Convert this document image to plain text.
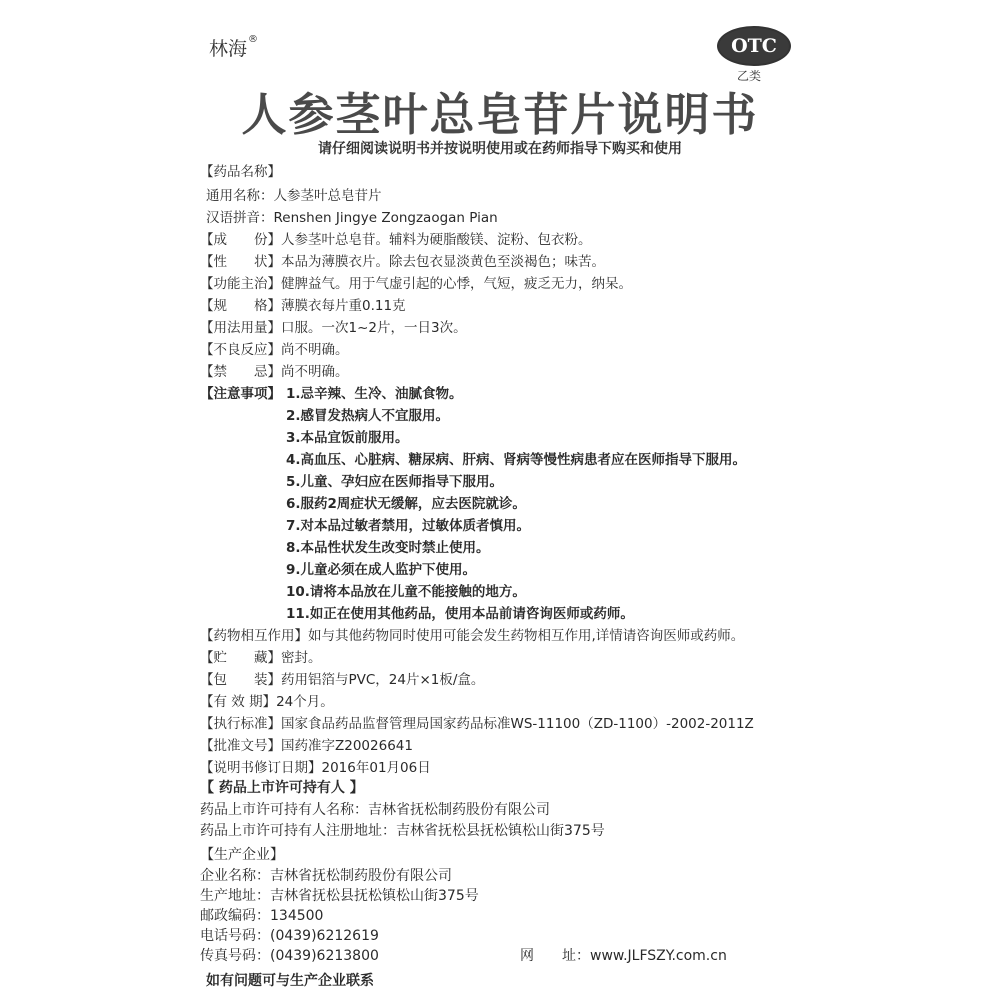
林海®	OTC
乙类
人参茎叶总皂苷片说明书
请仔细阅读说明书并按说明使用或在药师指导下购买和使用
【药品名称】
通用名称：人参茎叶总皂苷片
汉语拼音：Renshen Jingye Zongzaogan Pian
【成　　份】人参茎叶总皂苷。辅料为硬脂酸镁、淀粉、包衣粉。
【性　　状】本品为薄膜衣片。除去包衣显淡黄色至淡褐色；味苦。
【功能主治】健脾益气。用于气虚引起的心悸，气短，疲乏无力，纳呆。
【规　　格】薄膜衣每片重0.11克
【用法用量】口服。一次1~2片，一日3次。
【不良反应】尚不明确。
【禁　　忌】尚不明确。
【注意事项】 1.忌辛辣、生冷、油腻食物。
2.感冒发热病人不宜服用。
3.本品宜饭前服用。
4.高血压、心脏病、糖尿病、肝病、肾病等慢性病患者应在医师指导下服用。
5.儿童、孕妇应在医师指导下服用。
6.服药2周症状无缓解，应去医院就诊。
7.对本品过敏者禁用，过敏体质者慎用。
8.本品性状发生改变时禁止使用。
9.儿童必须在成人监护下使用。
10.请将本品放在儿童不能接触的地方。
11.如正在使用其他药品，使用本品前请咨询医师或药师。
【药物相互作用】如与其他药物同时使用可能会发生药物相互作用,详情请咨询医师或药师。
【贮　　藏】密封。
【包　　装】药用铝箔与PVC，24片×1板/盒。
【有 效 期】24个月。
【执行标准】国家食品药品监督管理局国家药品标准WS-11100（ZD-1100）-2002-2011Z
【批准文号】国药准字Z20026641
【说明书修订日期】2016年01月06日
【 药品上市许可持有人 】
药品上市许可持有人名称：吉林省抚松制药股份有限公司
药品上市许可持有人注册地址：吉林省抚松县抚松镇松山街375号
【生产企业】
企业名称：吉林省抚松制药股份有限公司
生产地址：吉林省抚松县抚松镇松山街375号
邮政编码：134500
电话号码：(0439)6212619
传真号码：(0439)6213800	网　　址：www.JLFSZY.com.cn
如有问题可与生产企业联系
